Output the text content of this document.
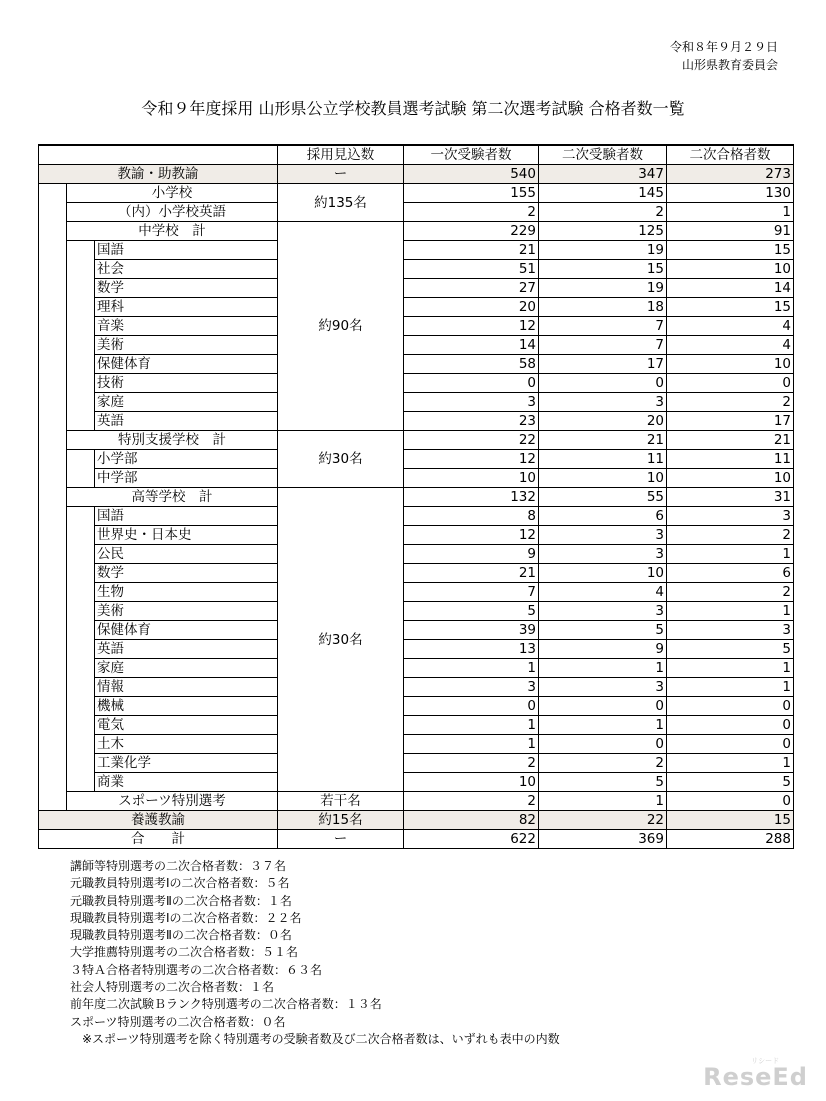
令和８年９月２９日
山形県教育委員会
令和９年度採用 山形県公立学校教員選考試験 第二次選考試験 合格者数一覧
			採用見込数	一次受験者数	二次受験者数	二次合格者数
教諭・助教諭			ー	540	347	273
	小学校		約135名	155	145	130
	（内）小学校英語			2	2	1
	中学校　計		約90名	229	125	91
		国語		21	19	15
		社会		51	15	10
		数学		27	19	14
		理科		20	18	15
		音楽		12	7	4
		美術		14	7	4
		保健体育		58	17	10
		技術		0	0	0
		家庭		3	3	2
		英語		23	20	17
	特別支援学校　計		約30名	22	21	21
		小学部		12	11	11
		中学部		10	10	10
	高等学校　計		約30名	132	55	31
		国語		8	6	3
		世界史・日本史		12	3	2
		公民		9	3	1
		数学		21	10	6
		生物		7	4	2
		美術		5	3	1
		保健体育		39	5	3
		英語		13	9	5
		家庭		1	1	1
		情報		3	3	1
		機械		0	0	0
		電気		1	1	0
		土木		1	0	0
		工業化学		2	2	1
		商業		10	5	5
	スポーツ特別選考		若干名	2	1	0
養護教諭			約15名	82	22	15
合　　計			ー	622	369	288
講師等特別選考の二次合格者数：３７名
元職教員特別選考Ⅰの二次合格者数：５名
元職教員特別選考Ⅱの二次合格者数：１名
現職教員特別選考Ⅰの二次合格者数：２２名
現職教員特別選考Ⅱの二次合格者数：０名
大学推薦特別選考の二次合格者数：５１名
３特Ａ合格者特別選考の二次合格者数：６３名
社会人特別選考の二次合格者数：１名
前年度二次試験Ｂランク特別選考の二次合格者数：１３名
スポーツ特別選考の二次合格者数：０名
　※スポーツ特別選考を除く特別選考の受験者数及び二次合格者数は、いずれも表中の内数
リシード
ReseEd
